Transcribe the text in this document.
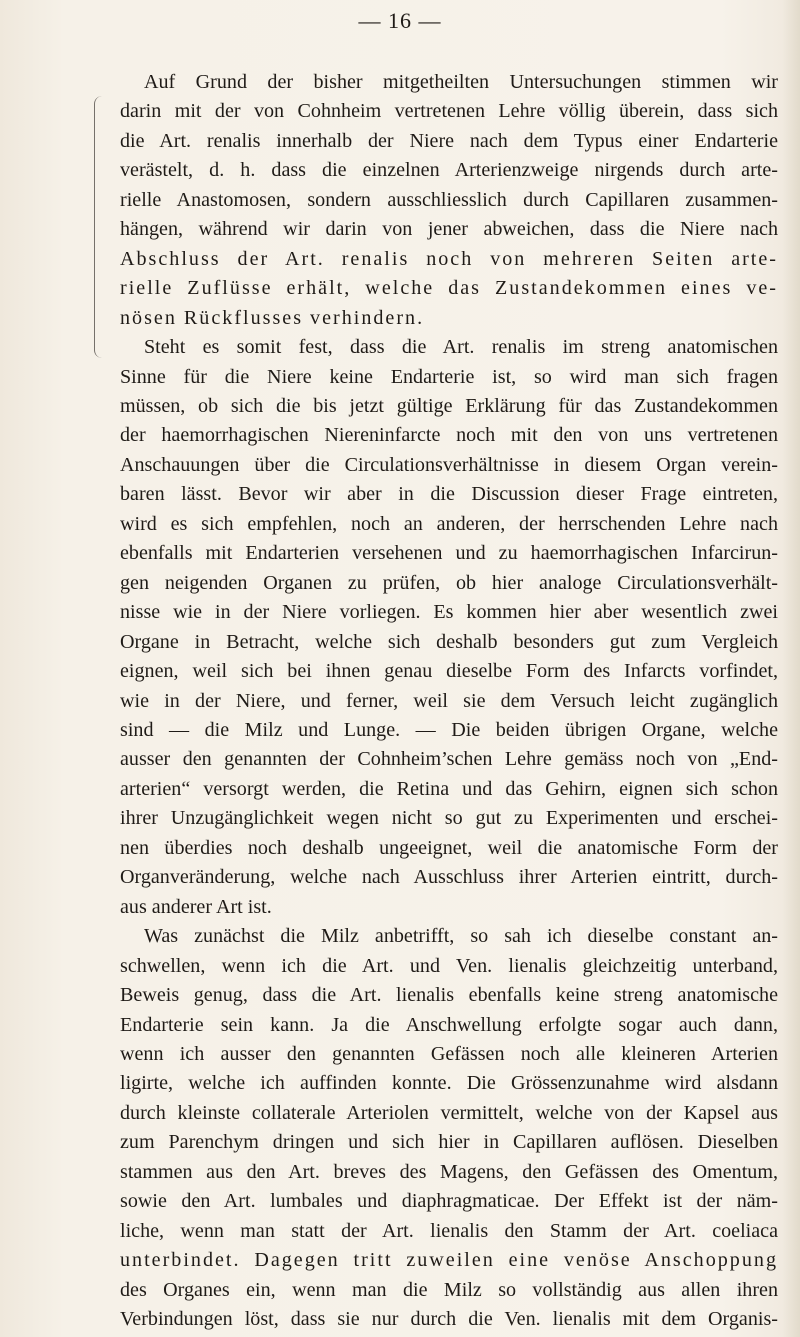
— 16 —
Auf Grund der bisher mitgetheilten Untersuchungen stimmen wir
darin mit der von Cohnheim vertretenen Lehre völlig überein, dass sich
die Art. renalis innerhalb der Niere nach dem Typus einer Endarterie
verästelt, d. h. dass die einzelnen Arterienzweige nirgends durch arte-
rielle Anastomosen, sondern ausschliesslich durch Capillaren zusammen-
hängen, während wir darin von jener abweichen, dass die Niere nach
Abschluss der Art. renalis noch von mehreren Seiten arte-
rielle Zuflüsse erhält, welche das Zustandekommen eines ve-
nösen Rückflusses verhindern.
Steht es somit fest, dass die Art. renalis im streng anatomischen
Sinne für die Niere keine Endarterie ist, so wird man sich fragen
müssen, ob sich die bis jetzt gültige Erklärung für das Zustandekommen
der haemorrhagischen Niereninfarcte noch mit den von uns vertretenen
Anschauungen über die Circulationsverhältnisse in diesem Organ verein-
baren lässt. Bevor wir aber in die Discussion dieser Frage eintreten,
wird es sich empfehlen, noch an anderen, der herrschenden Lehre nach
ebenfalls mit Endarterien versehenen und zu haemorrhagischen Infarcirun-
gen neigenden Organen zu prüfen, ob hier analoge Circulationsverhält-
nisse wie in der Niere vorliegen. Es kommen hier aber wesentlich zwei
Organe in Betracht, welche sich deshalb besonders gut zum Vergleich
eignen, weil sich bei ihnen genau dieselbe Form des Infarcts vorfindet,
wie in der Niere, und ferner, weil sie dem Versuch leicht zugänglich
sind — die Milz und Lunge. — Die beiden übrigen Organe, welche
ausser den genannten der Cohnheim’schen Lehre gemäss noch von „End-
arterien“ versorgt werden, die Retina und das Gehirn, eignen sich schon
ihrer Unzugänglichkeit wegen nicht so gut zu Experimenten und erschei-
nen überdies noch deshalb ungeeignet, weil die anatomische Form der
Organveränderung, welche nach Ausschluss ihrer Arterien eintritt, durch-
aus anderer Art ist.
Was zunächst die Milz anbetrifft, so sah ich dieselbe constant an-
schwellen, wenn ich die Art. und Ven. lienalis gleichzeitig unterband,
Beweis genug, dass die Art. lienalis ebenfalls keine streng anatomische
Endarterie sein kann. Ja die Anschwellung erfolgte sogar auch dann,
wenn ich ausser den genannten Gefässen noch alle kleineren Arterien
ligirte, welche ich auffinden konnte. Die Grössenzunahme wird alsdann
durch kleinste collaterale Arteriolen vermittelt, welche von der Kapsel aus
zum Parenchym dringen und sich hier in Capillaren auflösen. Dieselben
stammen aus den Art. breves des Magens, den Gefässen des Omentum,
sowie den Art. lumbales und diaphragmaticae. Der Effekt ist der näm-
liche, wenn man statt der Art. lienalis den Stamm der Art. coeliaca
unterbindet. Dagegen tritt zuweilen eine venöse Anschoppung
des Organes ein, wenn man die Milz so vollständig aus allen ihren
Verbindungen löst, dass sie nur durch die Ven. lienalis mit dem Organis-
